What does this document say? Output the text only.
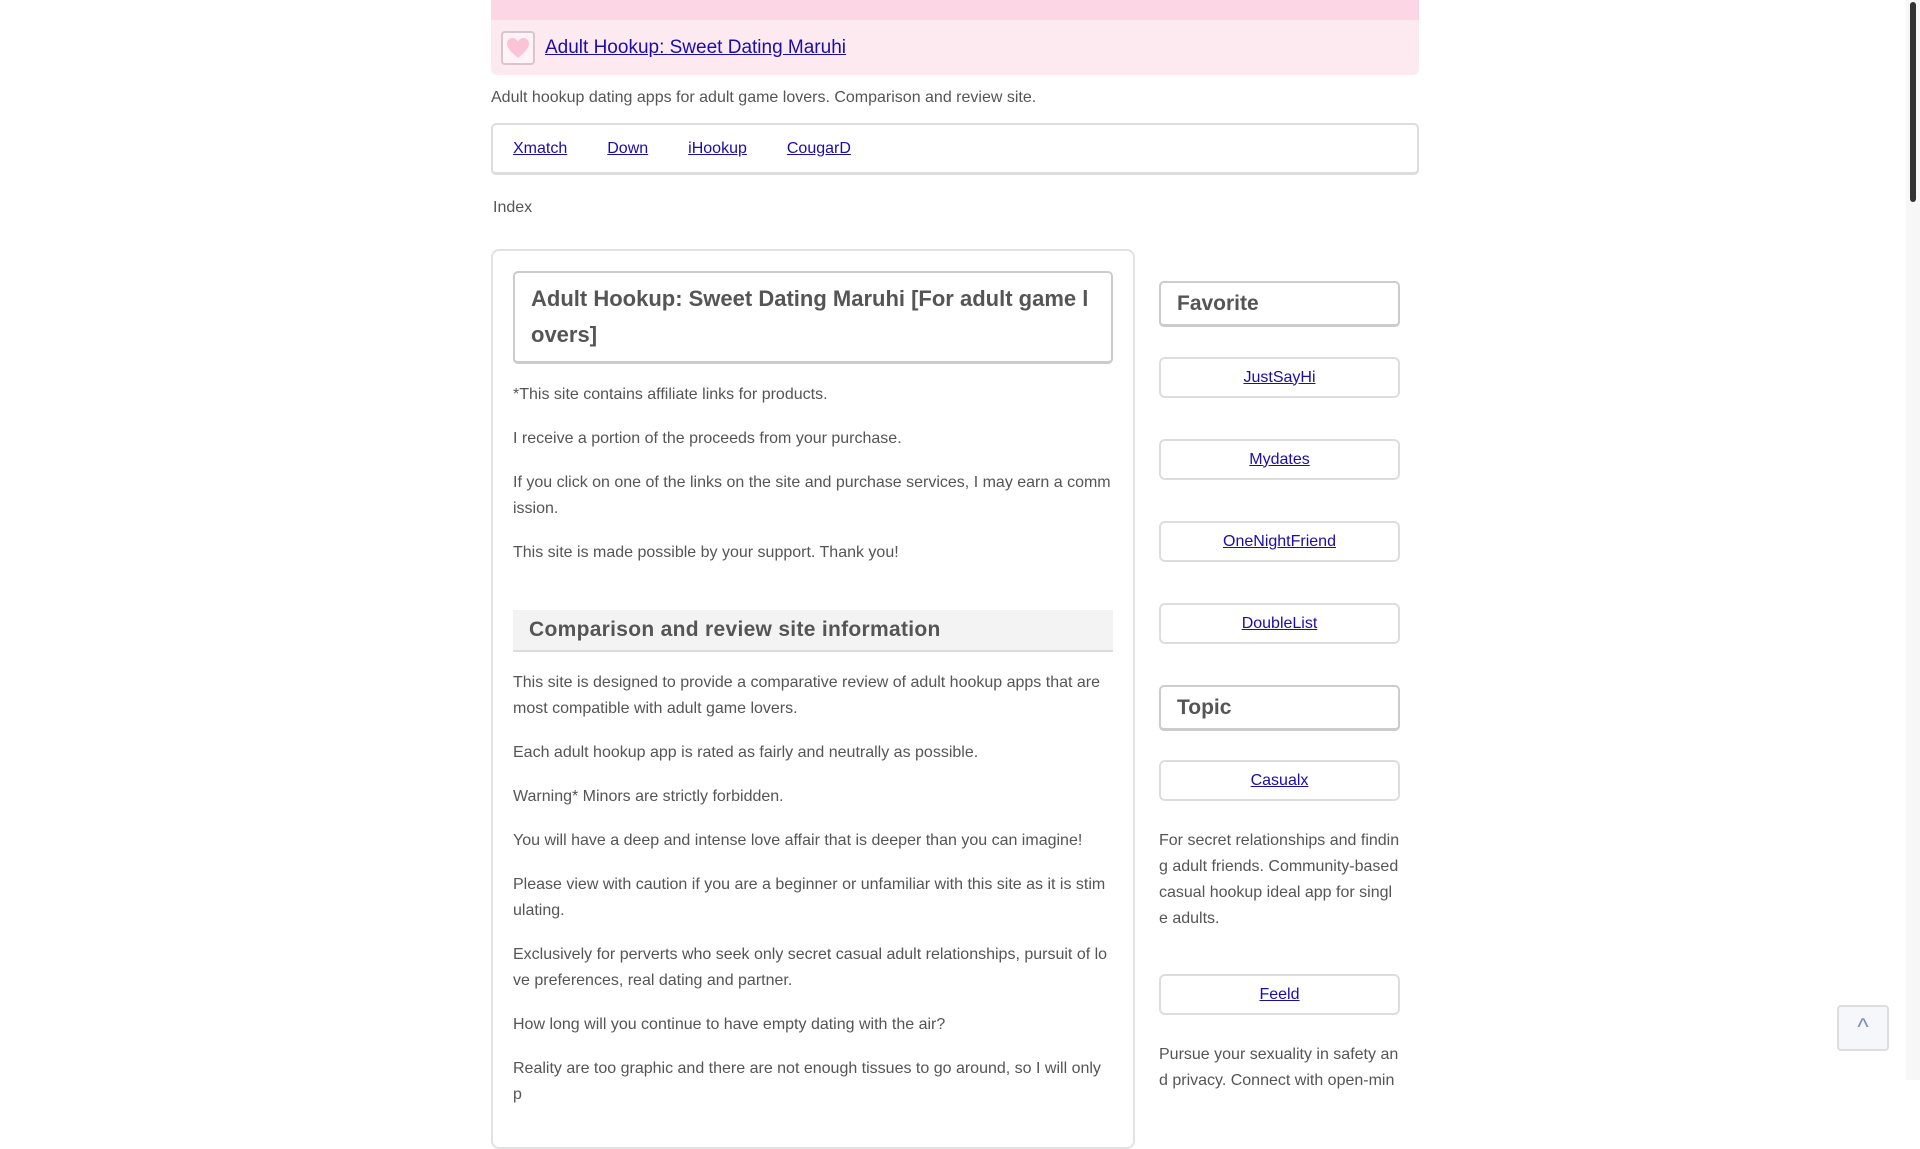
Adult Hookup: Sweet Dating Maruhi
Adult hookup dating apps for adult game lovers. Comparison and review site.
Xmatch	Down	iHookup	CougarD
Index
Adult Hookup: Sweet Dating Maruhi [For adult game lovers]

*This site contains affiliate links for products.

I receive a portion of the proceeds from your purchase.

If you click on one of the links on the site and purchase services, I may earn a commission.

This site is made possible by your support. Thank you!

Comparison and review site information

This site is designed to provide a comparative review of adult hookup apps that are most compatible with adult game lovers.

Each adult hookup app is rated as fairly and neutrally as possible.

Warning* Minors are strictly forbidden.

You will have a deep and intense love affair that is deeper than you can imagine!

Please view with caution if you are a beginner or unfamiliar with this site as it is stimulating.

Exclusively for perverts who seek only secret casual adult relationships, pursuit of love preferences, real dating and partner.

How long will you continue to have empty dating with the air?

Reality are too graphic and there are not enough tissues to go around, so I will only p

Favorite
JustSayHi
Mydates
OneNightFriend
DoubleList
Topic
Casualx

For secret relationships and finding adult friends. Community-based casual hookup ideal app for single adults.

Feeld

Pursue your sexuality in safety and privacy. Connect with open-min

^
